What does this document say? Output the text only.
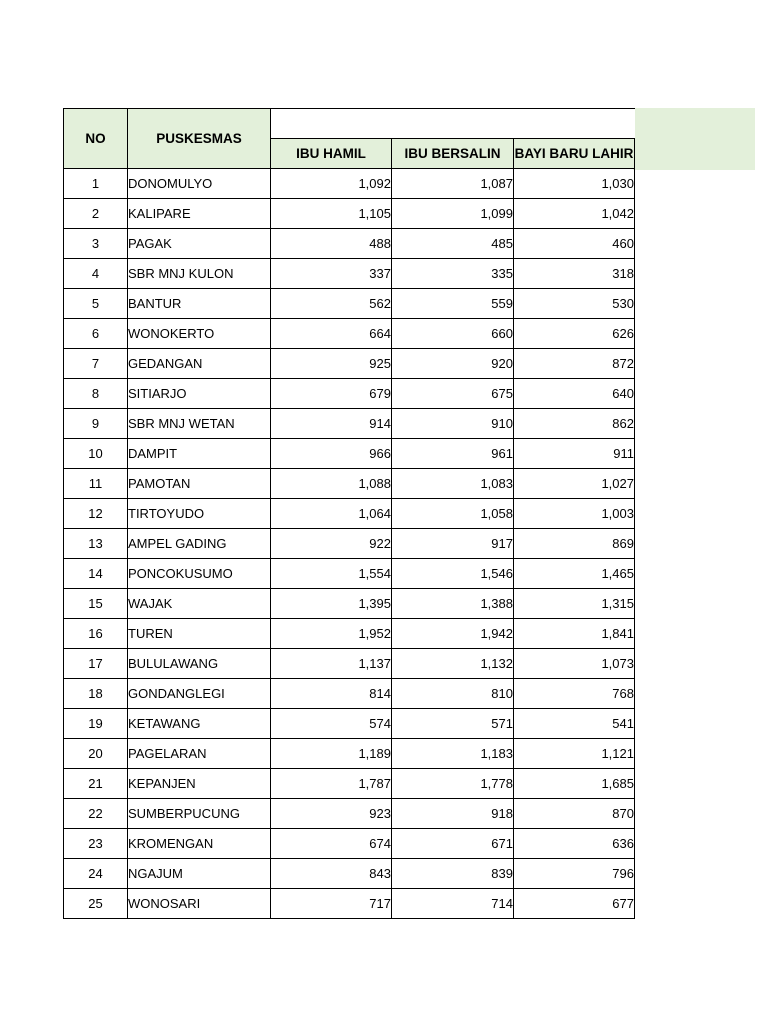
NO	PUSKESMAS			
		IBU HAMIL	IBU BERSALIN	BAYI BARU LAHIR
1	DONOMULYO	1,092	1,087	1,030
2	KALIPARE	1,105	1,099	1,042
3	PAGAK	488	485	460
4	SBR MNJ KULON	337	335	318
5	BANTUR	562	559	530
6	WONOKERTO	664	660	626
7	GEDANGAN	925	920	872
8	SITIARJO	679	675	640
9	SBR MNJ WETAN	914	910	862
10	DAMPIT	966	961	911
11	PAMOTAN	1,088	1,083	1,027
12	TIRTOYUDO	1,064	1,058	1,003
13	AMPEL GADING	922	917	869
14	PONCOKUSUMO	1,554	1,546	1,465
15	WAJAK	1,395	1,388	1,315
16	TUREN	1,952	1,942	1,841
17	BULULAWANG	1,137	1,132	1,073
18	GONDANGLEGI	814	810	768
19	KETAWANG	574	571	541
20	PAGELARAN	1,189	1,183	1,121
21	KEPANJEN	1,787	1,778	1,685
22	SUMBERPUCUNG	923	918	870
23	KROMENGAN	674	671	636
24	NGAJUM	843	839	796
25	WONOSARI	717	714	677
